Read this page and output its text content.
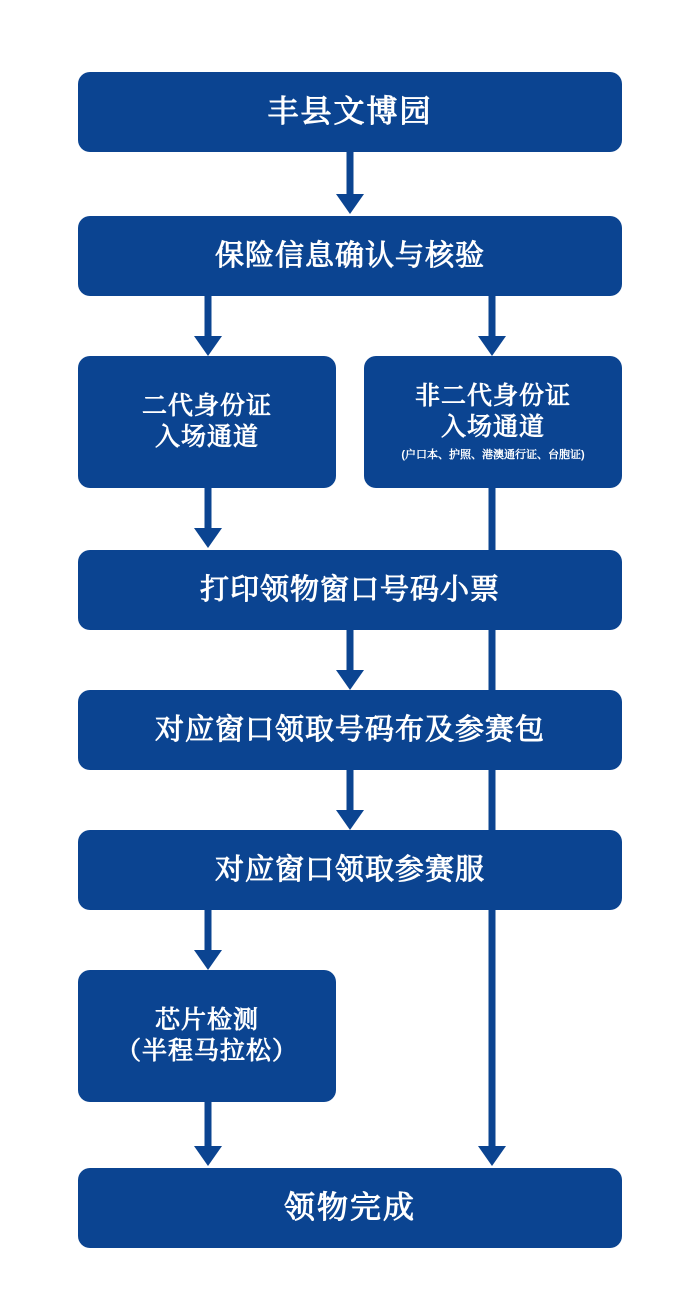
丰县文博园
保险信息确认与核验
二代身份证
入场通道
非二代身份证
入场通道
(户口本、护照、港澳通行证、台胞证)
打印领物窗口号码小票
对应窗口领取号码布及参赛包
对应窗口领取参赛服
芯片检测
（半程马拉松）
领物完成
